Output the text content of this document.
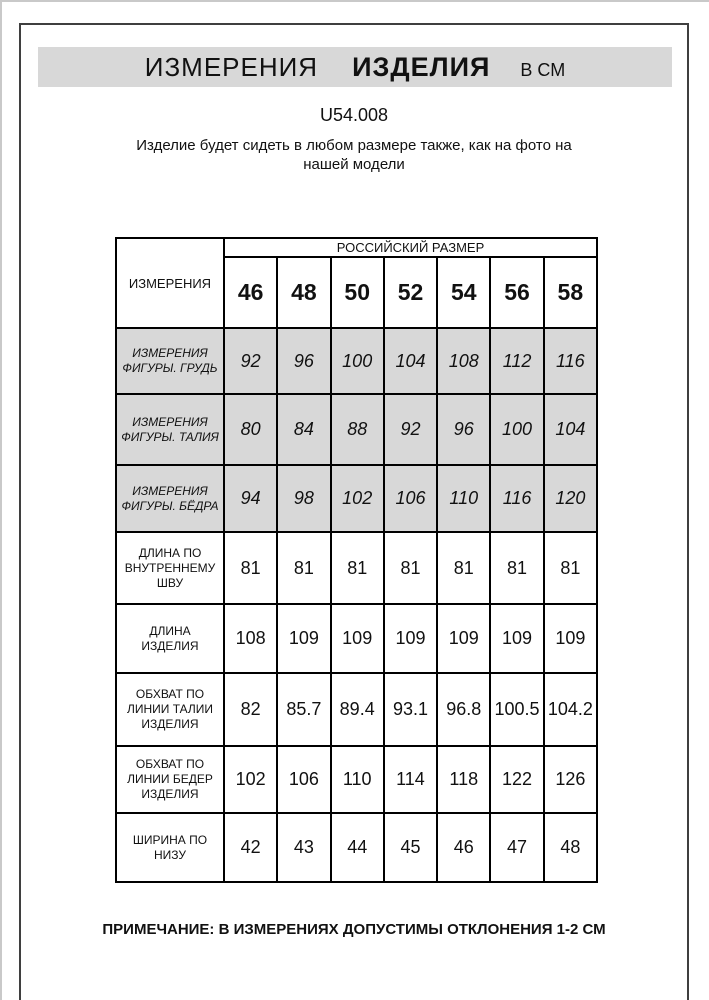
ИЗМЕРЕНИЯ ИЗДЕЛИЯ В СМ
U54.008
Изделие будет сидеть в любом размере также, как на фото на нашей модели
ИЗМЕРЕНИЯ	РОССИЙСКИЙ РАЗМЕР						
	46	48	50	52	54	56	58
ИЗМЕРЕНИЯ ФИГУРЫ. ГРУДЬ	92	96	100	104	108	112	116
ИЗМЕРЕНИЯ ФИГУРЫ. ТАЛИЯ	80	84	88	92	96	100	104
ИЗМЕРЕНИЯ ФИГУРЫ. БЁДРА	94	98	102	106	110	116	120
ДЛИНА ПО ВНУТРЕННЕМУ ШВУ	81	81	81	81	81	81	81
ДЛИНА ИЗДЕЛИЯ	108	109	109	109	109	109	109
ОБХВАТ ПО ЛИНИИ ТАЛИИ ИЗДЕЛИЯ	82	85.7	89.4	93.1	96.8	100.5	104.2
ОБХВАТ ПО ЛИНИИ БЕДЕР ИЗДЕЛИЯ	102	106	110	114	118	122	126
ШИРИНА ПО НИЗУ	42	43	44	45	46	47	48
ПРИМЕЧАНИЕ: В ИЗМЕРЕНИЯХ ДОПУСТИМЫ ОТКЛОНЕНИЯ 1-2 СМ
